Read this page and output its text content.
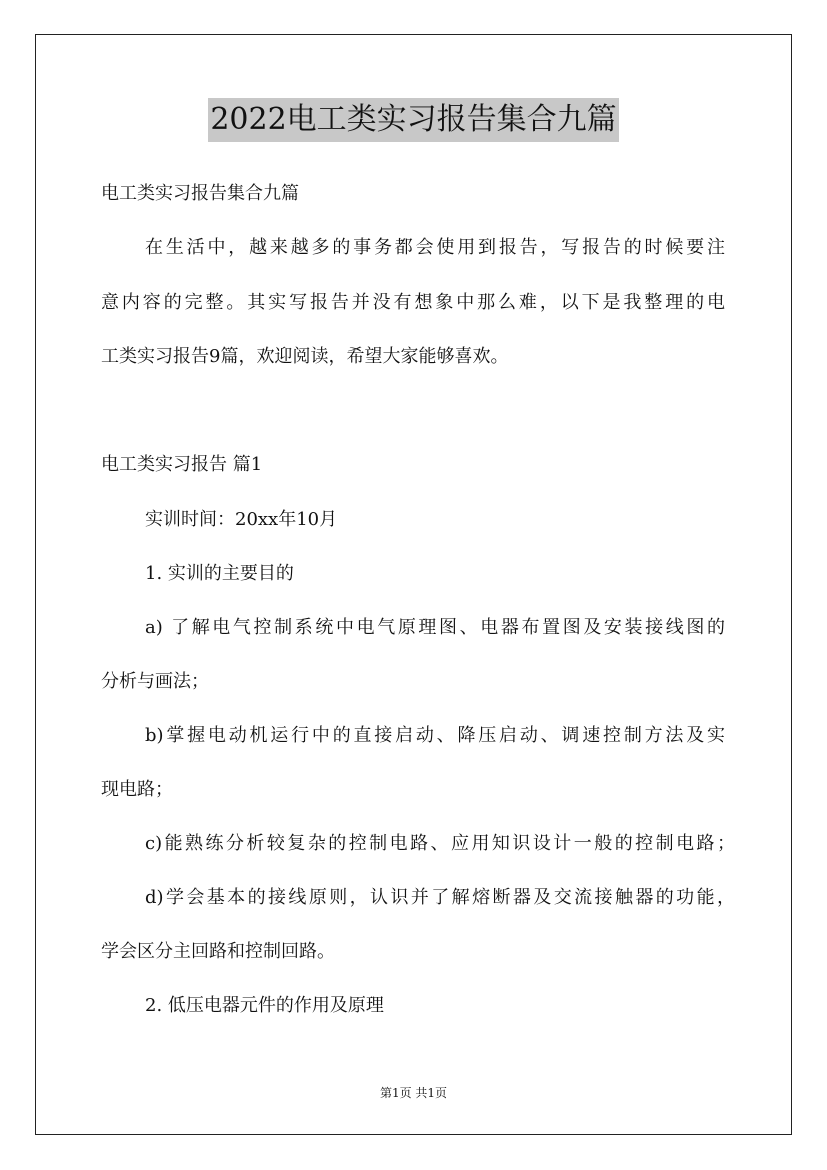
2022电工类实习报告集合九篇
电工类实习报告集合九篇
在生活中，越来越多的事务都会使用到报告，写报告的时候要注
意内容的完整。其实写报告并没有想象中那么难，以下是我整理的电
工类实习报告9篇，欢迎阅读，希望大家能够喜欢。
电工类实习报告 篇1
实训时间：20xx年10月
1. 实训的主要目的
a) 了解电气控制系统中电气原理图、电器布置图及安装接线图的
分析与画法；
b)掌握电动机运行中的直接启动、降压启动、调速控制方法及实
现电路；
c)能熟练分析较复杂的控制电路、应用知识设计一般的控制电路；
d)学会基本的接线原则，认识并了解熔断器及交流接触器的功能，
学会区分主回路和控制回路。
2. 低压电器元件的作用及原理
第1页 共1页
